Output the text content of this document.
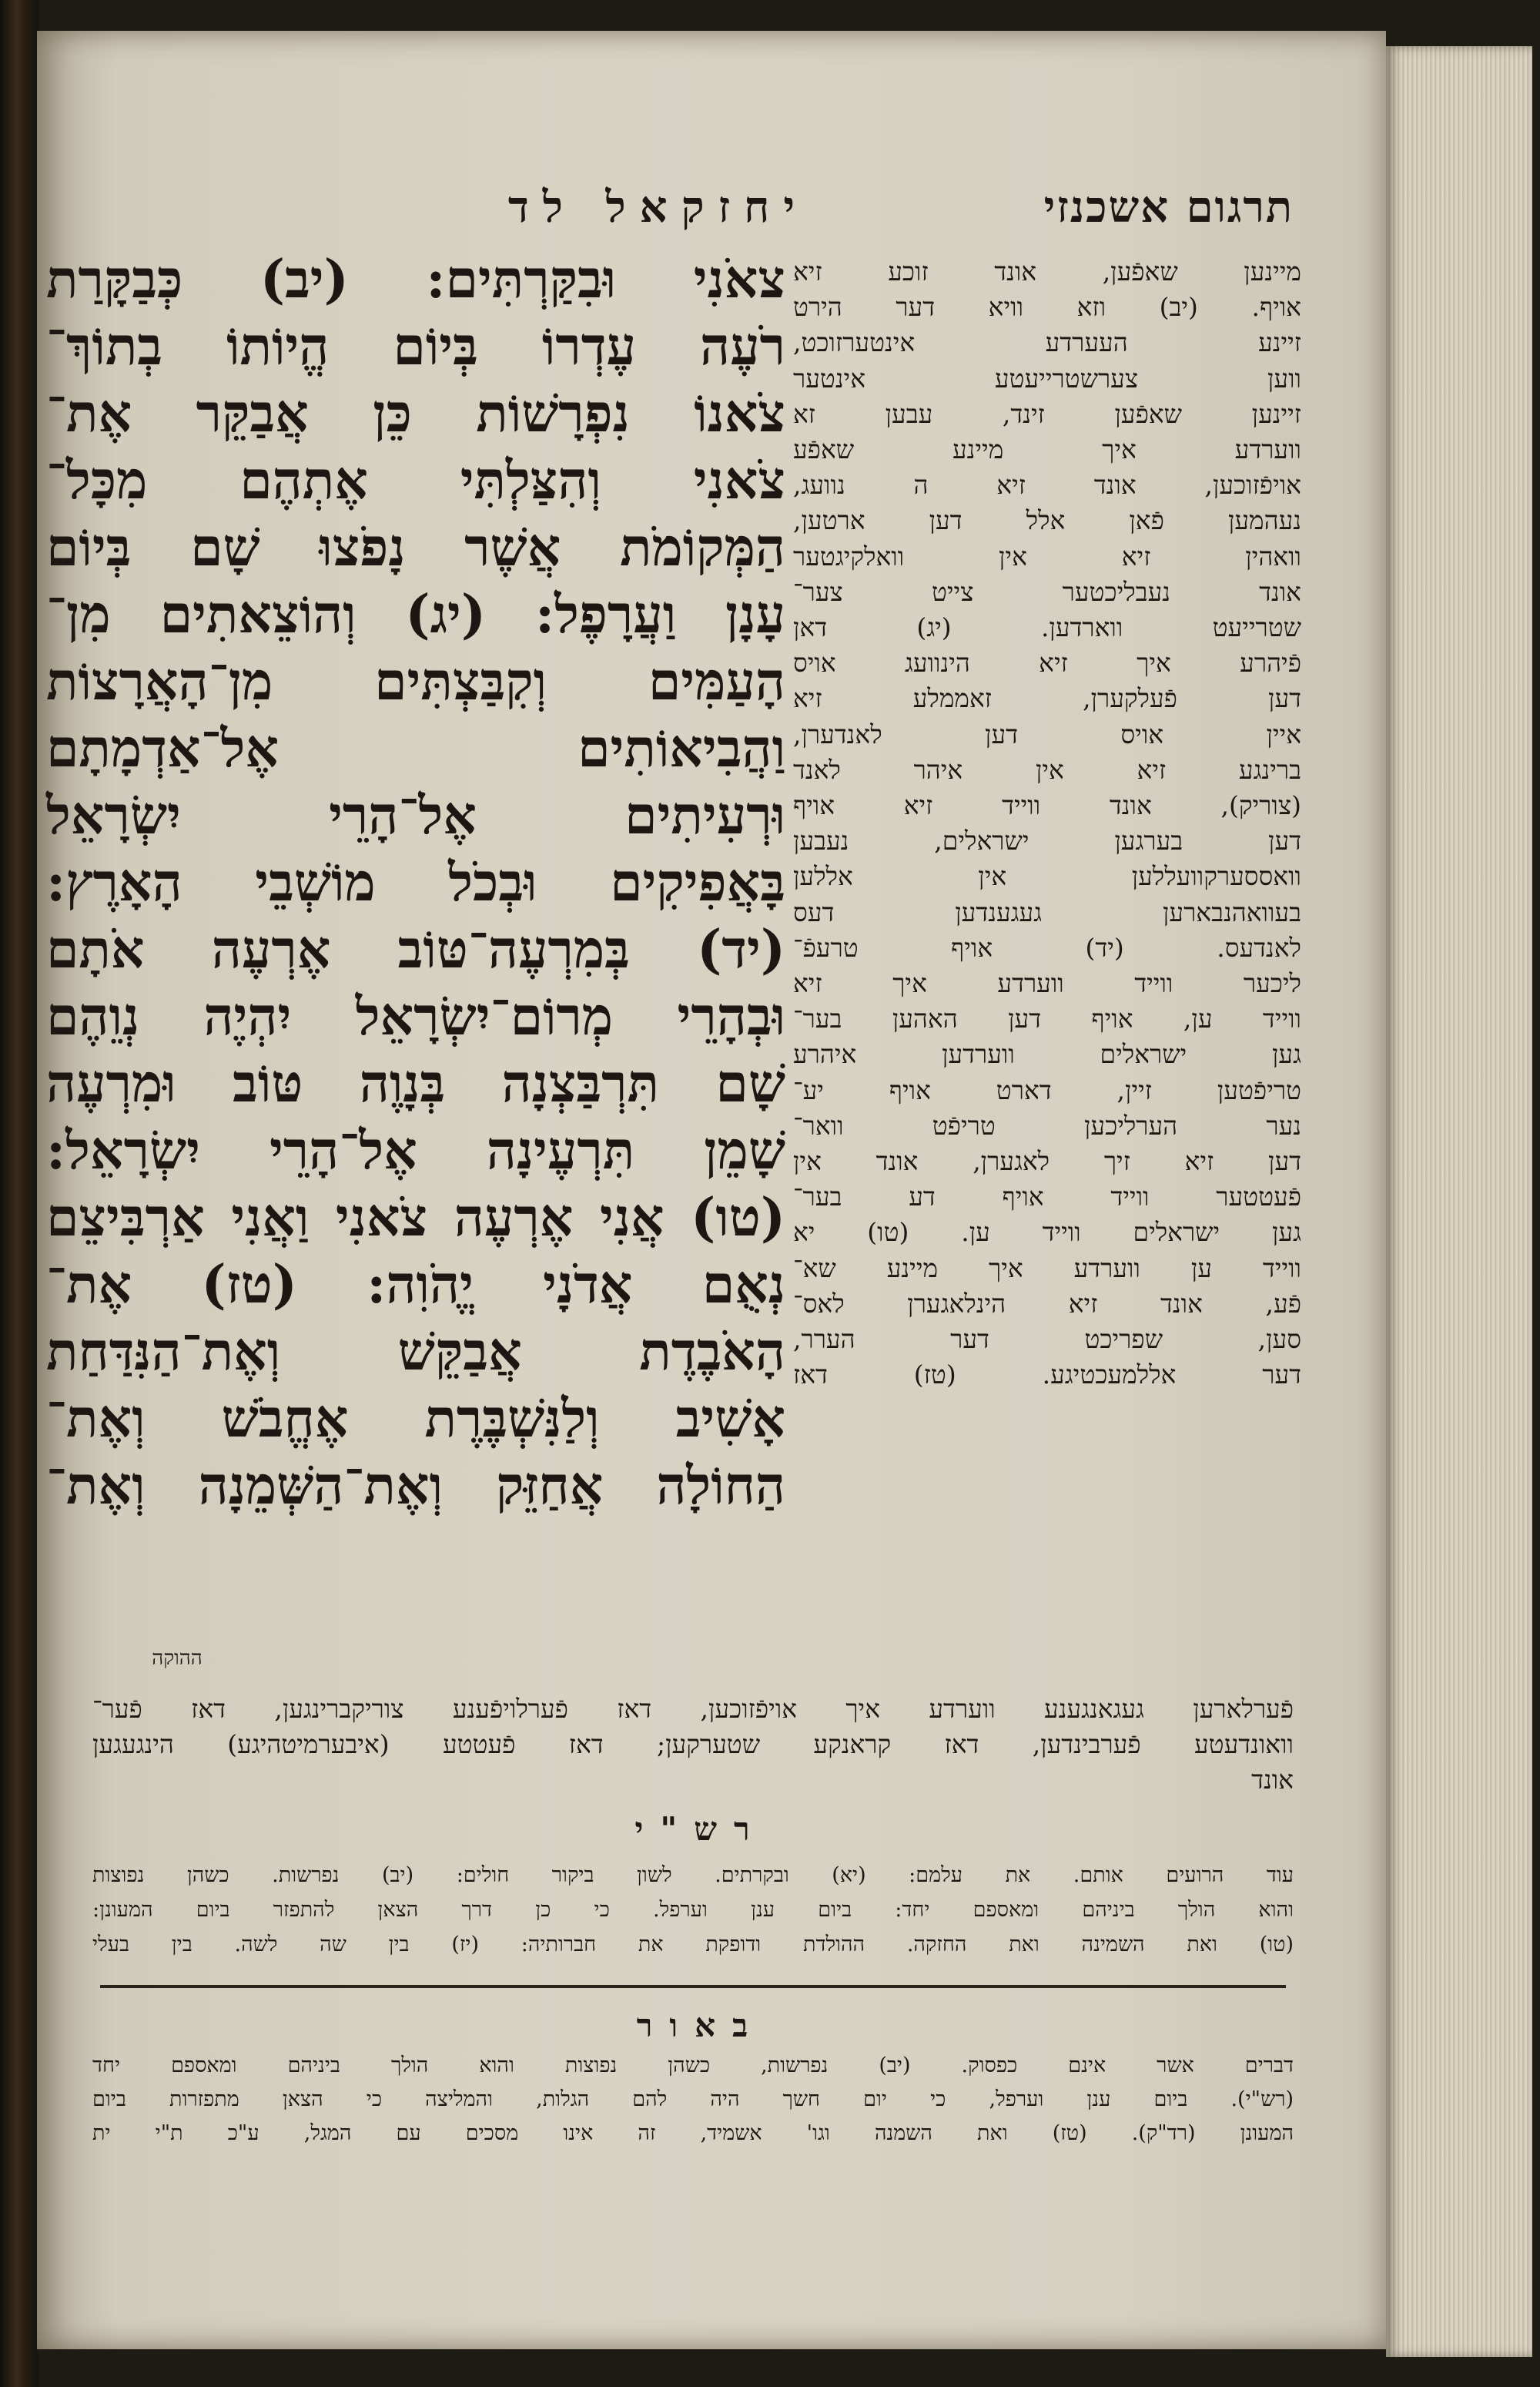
תרגום אשכנזי
יחזקאל לד
צאֹנִי וּבִקַּרְתִּים: (יב) כְּבַקָּרַת
רֹעֶה עֶדְרוֹ בְּיוֹם הֱיוֹתוֹ בְתוֹךְ־
צֹאנוֹ נִפְרָשׁוֹת כֵּן אֲבַקֵּר אֶת־
צֹאנִי וְהִצַּלְתִּי אֶתְהֶם מִכָּל־
הַמְּקוֹמֹת אֲשֶׁר נָפֹצוּ שָׁם בְּיוֹם
עָנָן וַעֲרָפֶל: (יג) וְהוֹצֵאתִים מִן־
הָעַמִּים וְקִבַּצְתִּים מִן־הָאֲרָצוֹת
וַהֲבִיאוֹתִים אֶל־אַדְמָתָם
וּרְעִיתִים אֶל־הָרֵי יִשְׂרָאֵל
בָּאֲפִיקִים וּבְכֹל מוֹשְׁבֵי הָאָרֶץ:
(יד) בְּמִרְעֶה־טּוֹב אֶרְעֶה אֹתָם
וּבְהָרֵי מְרוֹם־יִשְׂרָאֵל יִהְיֶה נְוֵהֶם
שָׁם תִּרְבַּצְנָה בְּנָוֶה טּוֹב וּמִרְעֶה
שָׁמֵן תִּרְעֶינָה אֶל־הָרֵי יִשְׂרָאֵל:
(טו) אֲנִי אֶרְעֶה צֹאנִי וַאֲנִי אַרְבִּיצֵם
נְאֻם אֲדֹנָי יֱהֹוִה: (טז) אֶת־
הָאֹבֶדֶת אֲבַקֵּשׁ וְאֶת־הַנִּדַּחַת
אָשִׁיב וְלַנִּשְׁבֶּרֶת אֶחֱבֹשׁ וְאֶת־
הַחוֹלָה אֲחַזֵּק וְאֶת־הַשְּׁמֵנָה וְאֶת־
ההוקה
מיינען שאפֿען, אונד זוכע זיא
אויף. (יב) וזא וויא דער הירט
זיינע העערדע אינטערזוכט,
ווען צערשטרייעטע אינטער
זיינען שאפֿען זינד, עבען זא
ווערדע איך מיינע שאפֿע
אויפֿזוכען, אונד זיא ה נוועג,
נעהמען פֿאן אלל דען ארטען,
וואהין זיא אין וואלקיגטער
אונד נעבליכטער צייט צער־
שטרייעט ווארדען. (יג) דאן
פֿיהרע איך זיא הינוועג אויס
דען פֿעלקערן, זאממלע זיא
איין אויס דען לאנדערן,
ברינגע זיא אין איהר לאנד
(צוריק), אונד ווייד זיא אויף
דען בערגען ישראלים, נעבען
וואססערקוועללען אין אללען
בעוואהנבארען געגענדען דעס
לאנדעס. (יד) אויף טרעפֿ־
ליכער ווייד ווערדע איך זיא
ווייד ען, אויף דען האהען בער־
גען ישראלים ווערדען איהרע
טריפֿטען זיין, דארט אויף יע־
נער הערליכען טריפֿט וואר־
דען זיא זיך לאגערן, אונד אין
פֿעטטער ווייד אויף דע בער־
גען ישראלים ווייד ען. (טו) יא
ווייד ען ווערדע איך מיינע שא־
פֿע, אונד זיא הינלאגערן לאס־
סען, שפריכט דער הערר,
דער אללמעכטיגע. (טז) דאז
פֿערלארען געגאנגענע ווערדע איך אויפֿזוכען, דאז פֿערלויפֿענע צוריקברינגען, דאז פֿער־
וואונדעטע פֿערבינדען, דאז קראנקע שטערקען; דאז פֿעטטע (איבערמיטהיגע) הינגעגען
אונד
רש"י
עוד הרועים אותם. את עלמם: (יא) ובקרתים. לשון ביקור חולים: (יב) נפרשות. כשהן נפוצות
והוא הולך ביניהם ומאספם יחד: ביום ענן וערפל. כי כן דרך הצאן להתפזר ביום המעונן:
(טו) ואת השמינה ואת החזקה. ההולדת ודופקת את חברותיה: (יז) בין שה לשה. בין בעלי
באור
דברים אשר אינם כפסוק. (יב) נפרשות, כשהן נפוצות והוא הולך ביניהם ומאספם יחד
(רש"י). ביום ענן וערפל, כי יום חשך היה להם הגלות, והמליצה כי הצאן מתפזרות ביום
המעונן (רד"ק). (טז) ואת השמנה וגו' אשמיד, זה אינו מסכים עם המגל, ע"כ ת"י ית
